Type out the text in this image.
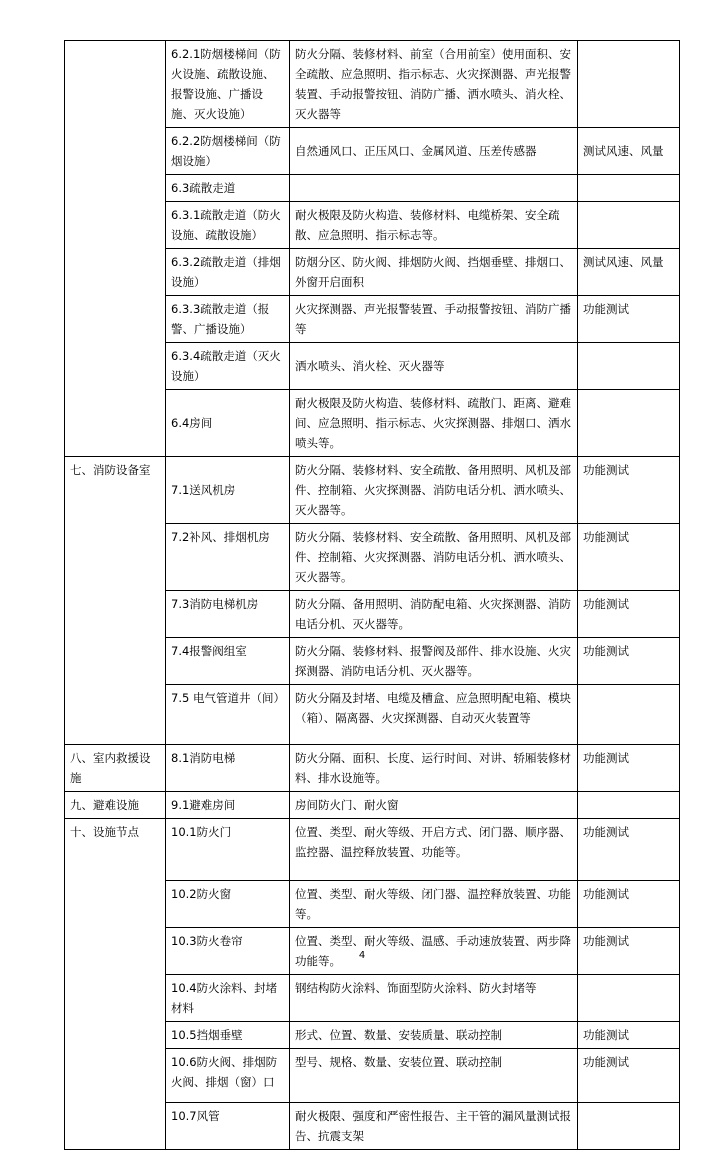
	6.2.1防烟楼梯间（防火设施、疏散设施、报警设施、广播设施、灭火设施）	防火分隔、装修材料、前室（合用前室）使用面积、安全疏散、应急照明、指示标志、火灾探测器、声光报警装置、手动报警按钮、消防广播、洒水喷头、消火栓、灭火器等	
	6.2.2防烟楼梯间（防烟设施）	自然通风口、正压风口、金属风道、压差传感器	测试风速、风量
	6.3疏散走道		
	6.3.1疏散走道（防火设施、疏散设施）	耐火极限及防火构造、装修材料、电缆桥架、安全疏散、应急照明、指示标志等。	
	6.3.2疏散走道（排烟设施）	防烟分区、防火阀、排烟防火阀、挡烟垂壁、排烟口、外窗开启面积	测试风速、风量
	6.3.3疏散走道（报警、广播设施）	火灾探测器、声光报警装置、手动报警按钮、消防广播等	功能测试
	6.3.4疏散走道（灭火设施）	洒水喷头、消火栓、灭火器等	
	6.4房间	耐火极限及防火构造、装修材料、疏散门、距离、避难间、应急照明、指示标志、火灾探测器、排烟口、洒水喷头等。	
七、消防设备室	7.1送风机房	防火分隔、装修材料、安全疏散、备用照明、风机及部件、控制箱、火灾探测器、消防电话分机、洒水喷头、灭火器等。	功能测试
	7.2补风、排烟机房	防火分隔、装修材料、安全疏散、备用照明、风机及部件、控制箱、火灾探测器、消防电话分机、洒水喷头、灭火器等。	功能测试
	7.3消防电梯机房	防火分隔、备用照明、消防配电箱、火灾探测器、消防电话分机、灭火器等。	功能测试
	7.4报警阀组室	防火分隔、装修材料、报警阀及部件、排水设施、火灾探测器、消防电话分机、灭火器等。	功能测试
	7.5 电气管道井（间）	防火分隔及封堵、电缆及槽盒、应急照明配电箱、模块（箱）、隔离器、火灾探测器、自动灭火装置等	
八、室内救援设施	8.1消防电梯	防火分隔、面积、长度、运行时间、对讲、轿厢装修材料、排水设施等。	功能测试
九、避难设施	9.1避难房间	房间防火门、耐火窗	
十、设施节点	10.1防火门	位置、类型、耐火等级、开启方式、闭门器、顺序器、监控器、温控释放装置、功能等。	功能测试
	10.2防火窗	位置、类型、耐火等级、闭门器、温控释放装置、功能等。	功能测试
	10.3防火卷帘	位置、类型、耐火等级、温感、手动速放装置、两步降功能等。	功能测试
	10.4防火涂料、封堵材料	钢结构防火涂料、饰面型防火涂料、防火封堵等	
	10.5挡烟垂壁	形式、位置、数量、安装质量、联动控制	功能测试
	10.6防火阀、排烟防火阀、排烟（窗）口	型号、规格、数量、安装位置、联动控制	功能测试
	10.7风管	耐火极限、强度和严密性报告、主干管的漏风量测试报告、抗震支架	
4
